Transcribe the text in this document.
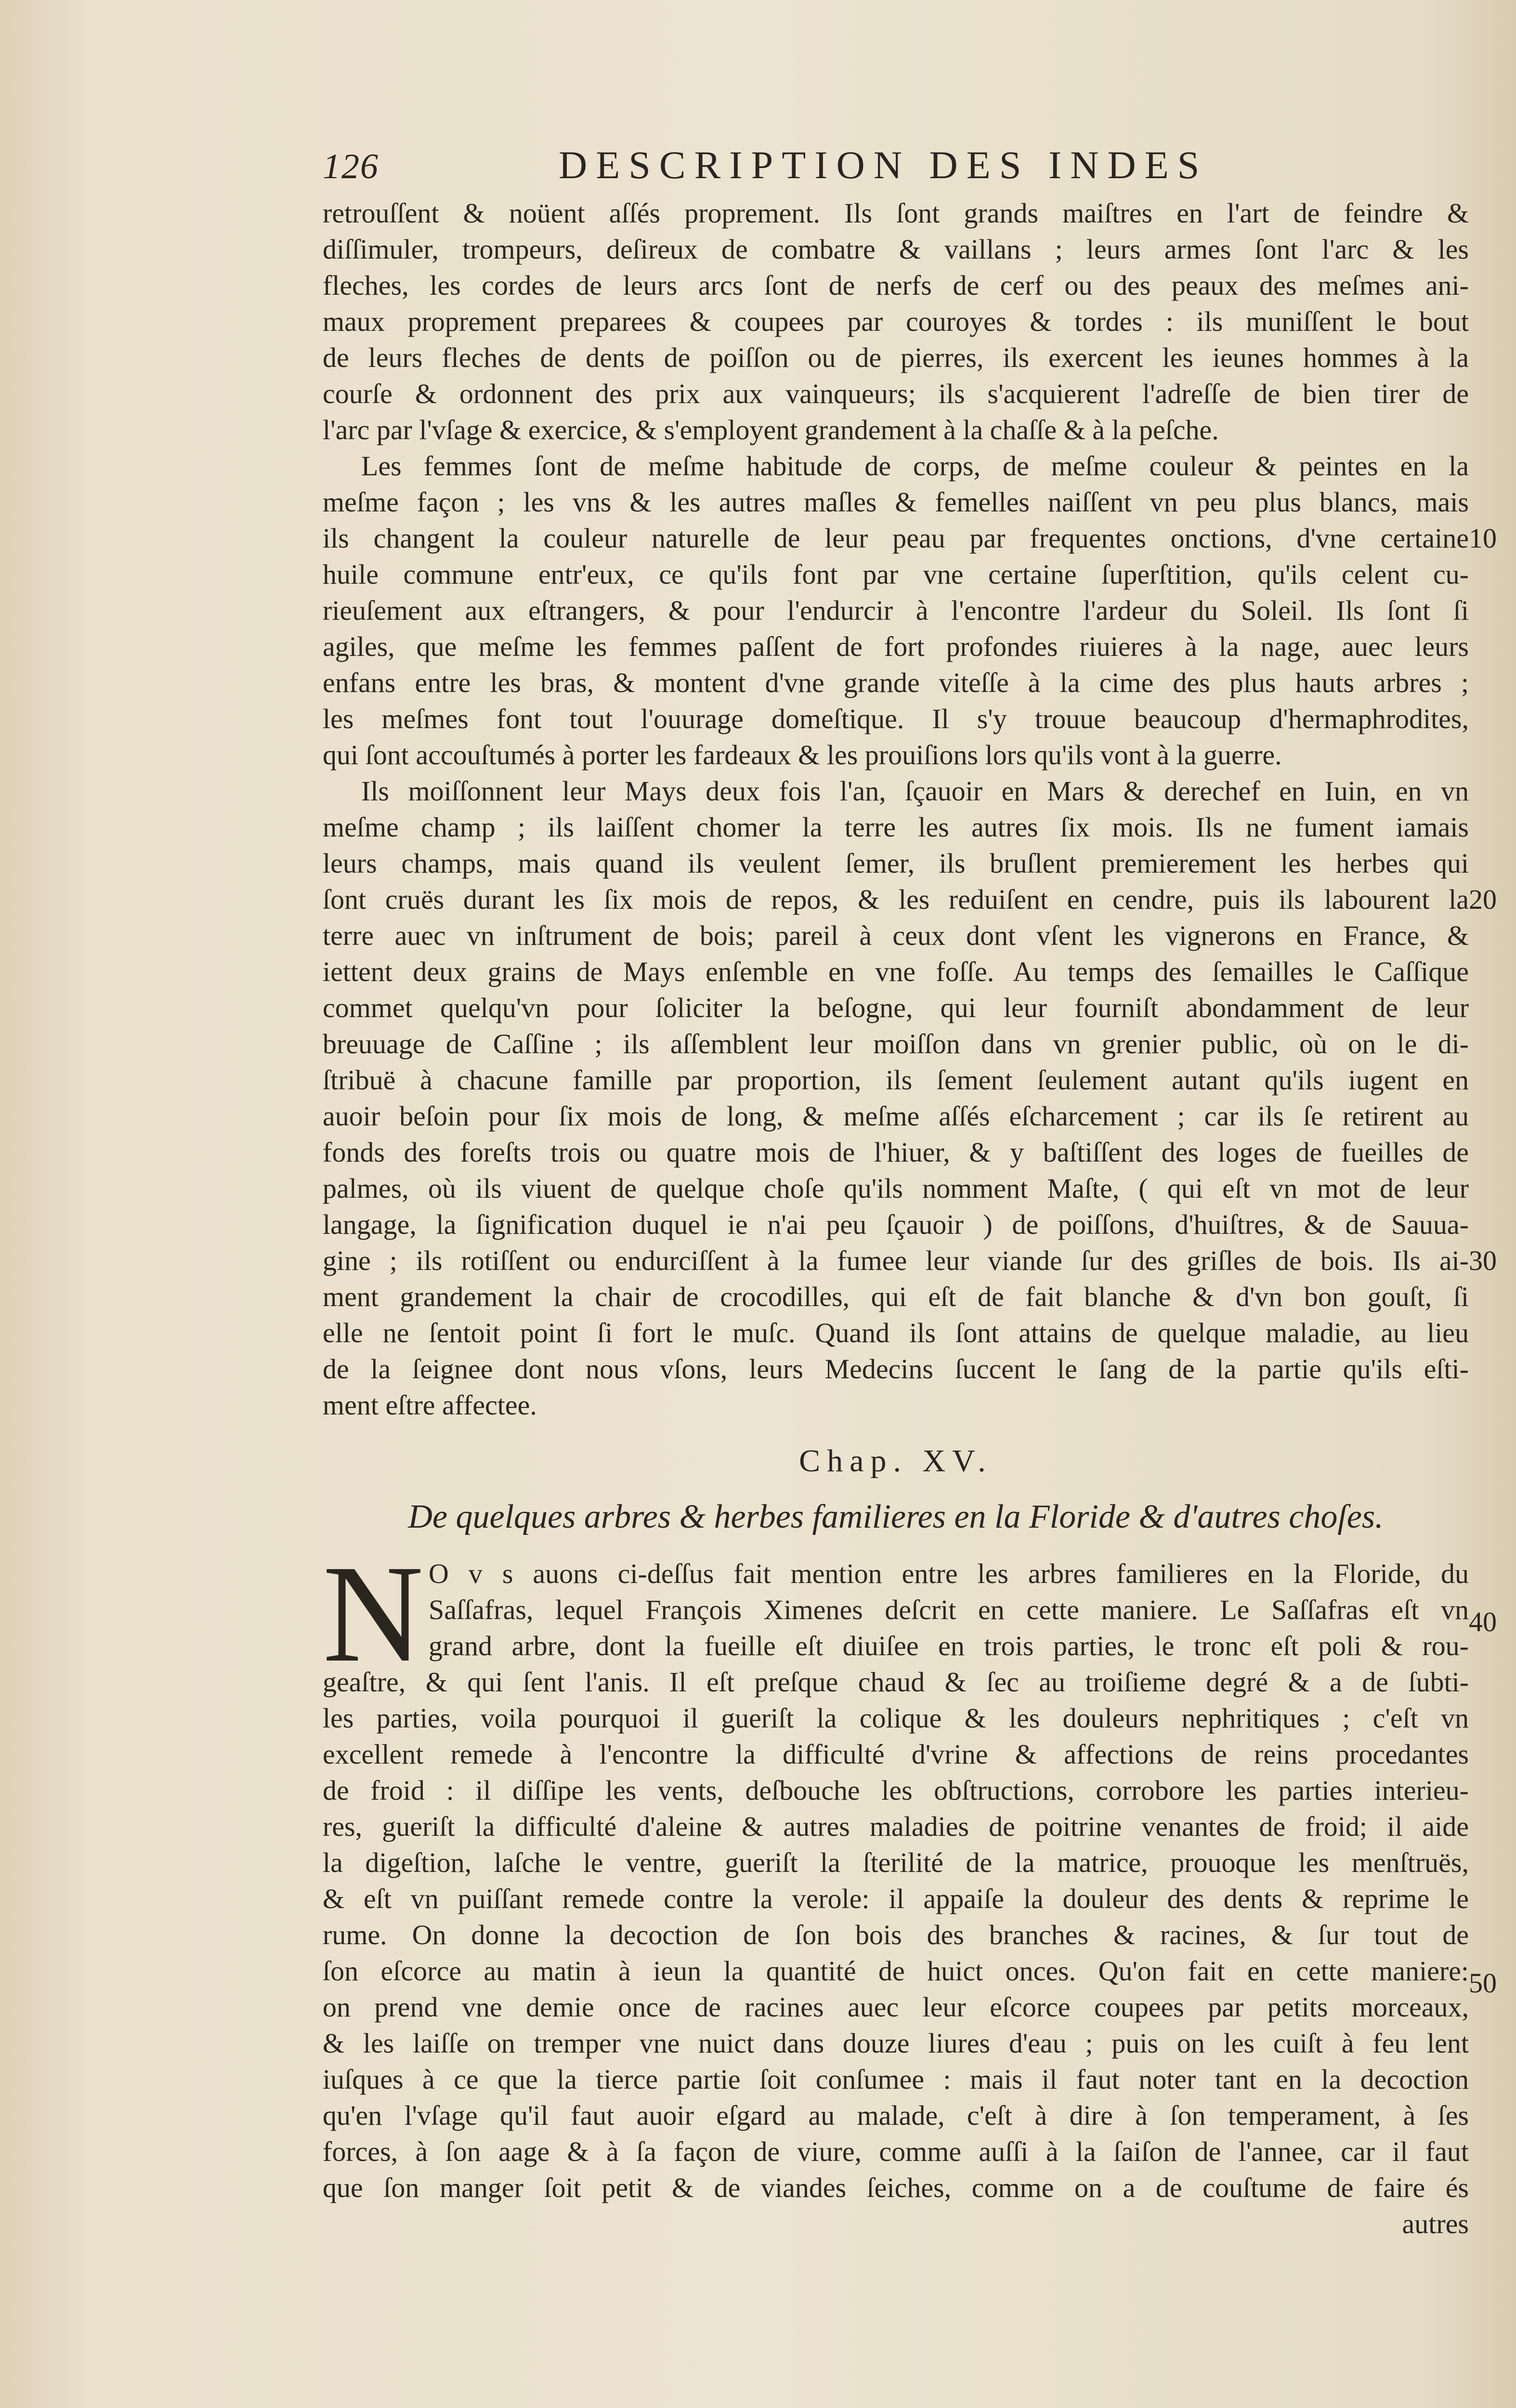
126	DESCRIPTION DES INDES
retrouſſent & noüent aſſés proprement. Ils ſont grands maiſtres en l'art de feindre &
diſſimuler, trompeurs, deſireux de combatre & vaillans ; leurs armes ſont l'arc & les
fleches, les cordes de leurs arcs ſont de nerfs de cerf ou des peaux des meſmes ani-
maux proprement preparees & coupees par couroyes & tordes : ils muniſſent le bout
de leurs fleches de dents de poiſſon ou de pierres, ils exercent les ieunes hommes à la
courſe & ordonnent des prix aux vainqueurs; ils s'acquierent l'adreſſe de bien tirer de
l'arc par l'vſage & exercice, & s'employent grandement à la chaſſe & à la peſche.
Les femmes ſont de meſme habitude de corps, de meſme couleur & peintes en la
meſme façon ; les vns & les autres maſles & femelles naiſſent vn peu plus blancs, mais
ils changent la couleur naturelle de leur peau par frequentes onctions, d'vne certaine
huile commune entr'eux, ce qu'ils font par vne certaine ſuperſtition, qu'ils celent cu-
rieuſement aux eſtrangers, & pour l'endurcir à l'encontre l'ardeur du Soleil. Ils ſont ſi
agiles, que meſme les femmes paſſent de fort profondes riuieres à la nage, auec leurs
enfans entre les bras, & montent d'vne grande viteſſe à la cime des plus hauts arbres ;
les meſmes font tout l'ouurage domeſtique. Il s'y trouue beaucoup d'hermaphrodites,
qui ſont accouſtumés à porter les fardeaux & les prouiſions lors qu'ils vont à la guerre.
Ils moiſſonnent leur Mays deux fois l'an, ſçauoir en Mars & derechef en Iuin, en vn
meſme champ ; ils laiſſent chomer la terre les autres ſix mois. Ils ne fument iamais
leurs champs, mais quand ils veulent ſemer, ils bruſlent premierement les herbes qui
ſont cruës durant les ſix mois de repos, & les reduiſent en cendre, puis ils labourent la
terre auec vn inſtrument de bois; pareil à ceux dont vſent les vignerons en France, &
iettent deux grains de Mays enſemble en vne foſſe. Au temps des ſemailles le Caſſique
commet quelqu'vn pour ſoliciter la beſogne, qui leur fourniſt abondamment de leur
breuuage de Caſſine ; ils aſſemblent leur moiſſon dans vn grenier public, où on le di-
ſtribuë à chacune famille par proportion, ils ſement ſeulement autant qu'ils iugent en
auoir beſoin pour ſix mois de long, & meſme aſſés eſcharcement ; car ils ſe retirent au
fonds des foreſts trois ou quatre mois de l'hiuer, & y baſtiſſent des loges de fueilles de
palmes, où ils viuent de quelque choſe qu'ils nomment Maſte, ( qui eſt vn mot de leur
langage, la ſignification duquel ie n'ai peu ſçauoir ) de poiſſons, d'huiſtres, & de Sauua-
gine ; ils rotiſſent ou endurciſſent à la fumee leur viande ſur des griſles de bois. Ils ai-
ment grandement la chair de crocodilles, qui eſt de fait blanche & d'vn bon gouſt, ſi
elle ne ſentoit point ſi fort le muſc. Quand ils ſont attains de quelque maladie, au lieu
de la ſeignee dont nous vſons, leurs Medecins ſuccent le ſang de la partie qu'ils eſti-
ment eſtre affectee.
10
20
30
40
50
Chap. XV.
De quelques arbres & herbes familieres en la Floride & d'autres choſes.
N O v s auons ci-deſſus fait mention entre les arbres familieres en la Floride, du
Saſſafras, lequel François Ximenes deſcrit en cette maniere. Le Saſſafras eſt vn
grand arbre, dont la fueille eſt diuiſee en trois parties, le tronc eſt poli & rou-
geaſtre, & qui ſent l'anis. Il eſt preſque chaud & ſec au troiſieme degré & a de ſubti-
les parties, voila pourquoi il gueriſt la colique & les douleurs nephritiques ; c'eſt vn
excellent remede à l'encontre la difficulté d'vrine & affections de reins procedantes
de froid : il diſſipe les vents, deſbouche les obſtructions, corrobore les parties interieu-
res, gueriſt la difficulté d'aleine & autres maladies de poitrine venantes de froid; il aide
la digeſtion, laſche le ventre, gueriſt la ſterilité de la matrice, prouoque les menſtruës,
& eſt vn puiſſant remede contre la verole: il appaiſe la douleur des dents & reprime le
rume. On donne la decoction de ſon bois des branches & racines, & ſur tout de
ſon eſcorce au matin à ieun la quantité de huict onces. Qu'on fait en cette maniere:
on prend vne demie once de racines auec leur eſcorce coupees par petits morceaux,
& les laiſſe on tremper vne nuict dans douze liures d'eau ; puis on les cuiſt à feu lent
iuſques à ce que la tierce partie ſoit conſumee : mais il faut noter tant en la decoction
qu'en l'vſage qu'il faut auoir eſgard au malade, c'eſt à dire à ſon temperament, à ſes
forces, à ſon aage & à ſa façon de viure, comme auſſi à la ſaiſon de l'annee, car il faut
que ſon manger ſoit petit & de viandes ſeiches, comme on a de couſtume de faire és
autres
